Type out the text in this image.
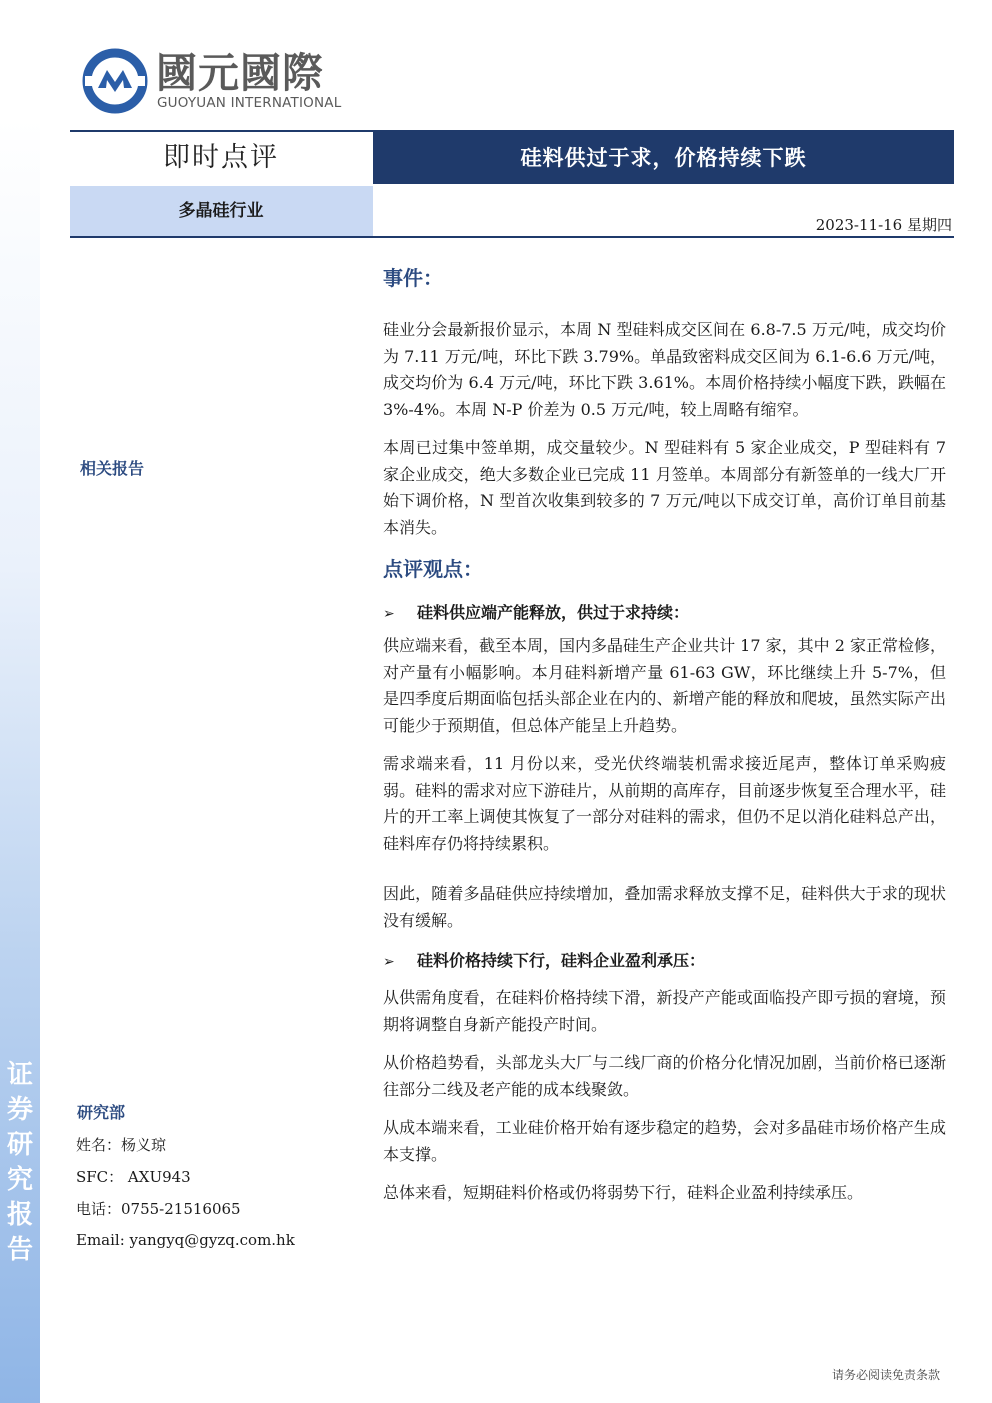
证
券
研
究
报
告
國元國際
GUOYUAN INTERNATIONAL
即时点评	硅料供过于求，价格持续下跌
多晶硅行业
2023-11-16 星期四
相关报告
研究部
姓名：杨义琼
SFC： AXU943
电话：0755-21516065
Email: yangyq@gyzq.com.hk
事件：

硅业分会最新报价显示，本周 N 型硅料成交区间在 6.8-7.5 万元/吨，成交均价为 7.11 万元/吨，环比下跌 3.79%。单晶致密料成交区间为 6.1-6.6 万元/吨，成交均价为 6.4 万元/吨，环比下跌 3.61%。本周价格持续小幅度下跌，跌幅在 3%-4%。本周 N-P 价差为 0.5 万元/吨，较上周略有缩窄。

本周已过集中签单期，成交量较少。N 型硅料有 5 家企业成交，P 型硅料有 7 家企业成交，绝大多数企业已完成 11 月签单。本周部分有新签单的一线大厂开始下调价格，N 型首次收集到较多的 7 万元/吨以下成交订单，高价订单目前基本消失。

点评观点：

➢ 硅料供应端产能释放，供过于求持续：

供应端来看，截至本周，国内多晶硅生产企业共计 17 家，其中 2 家正常检修，对产量有小幅影响。本月硅料新增产量 61-63 GW，环比继续上升 5-7%，但是四季度后期面临包括头部企业在内的、新增产能的释放和爬坡，虽然实际产出可能少于预期值，但总体产能呈上升趋势。

需求端来看，11 月份以来，受光伏终端装机需求接近尾声，整体订单采购疲弱。硅料的需求对应下游硅片，从前期的高库存，目前逐步恢复至合理水平，硅片的开工率上调使其恢复了一部分对硅料的需求，但仍不足以消化硅料总产出，硅料库存仍将持续累积。

因此，随着多晶硅供应持续增加，叠加需求释放支撑不足，硅料供大于求的现状没有缓解。

➢ 硅料价格持续下行，硅料企业盈利承压：

从供需角度看，在硅料价格持续下滑，新投产产能或面临投产即亏损的窘境，预期将调整自身新产能投产时间。

从价格趋势看，头部龙头大厂与二线厂商的价格分化情况加剧，当前价格已逐渐往部分二线及老产能的成本线聚敛。

从成本端来看，工业硅价格开始有逐步稳定的趋势，会对多晶硅市场价格产生成本支撑。

总体来看，短期硅料价格或仍将弱势下行，硅料企业盈利持续承压。

请务必阅读免责条款
